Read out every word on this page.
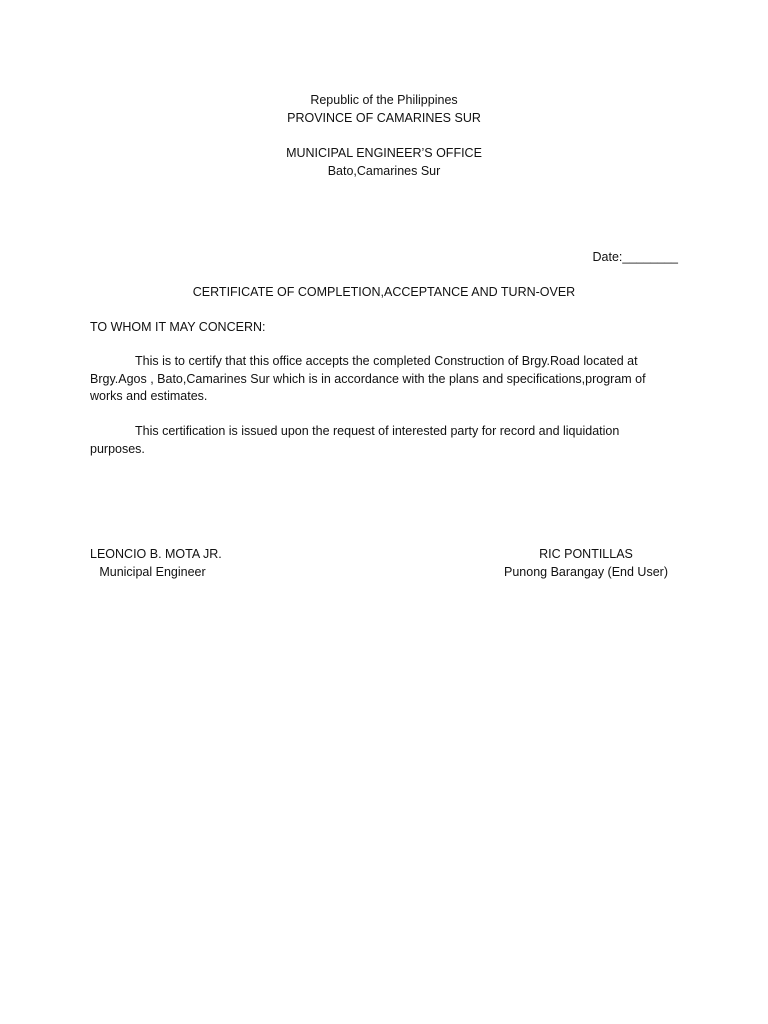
Republic of the Philippines
PROVINCE OF CAMARINES SUR
MUNICIPAL ENGINEER’S OFFICE
Bato,Camarines Sur
Date:________
CERTIFICATE OF COMPLETION,ACCEPTANCE AND TURN-OVER
TO WHOM IT MAY CONCERN:
This is to certify that this office accepts the completed Construction of Brgy.Road located at
Brgy.Agos , Bato,Camarines Sur which is in accordance with the plans and specifications,program of
works and estimates.
This certification is issued upon the request of interested party for record and liquidation
purposes.
LEONCIO B. MOTA JR.
Municipal Engineer
RIC PONTILLAS
Punong Barangay (End User)
